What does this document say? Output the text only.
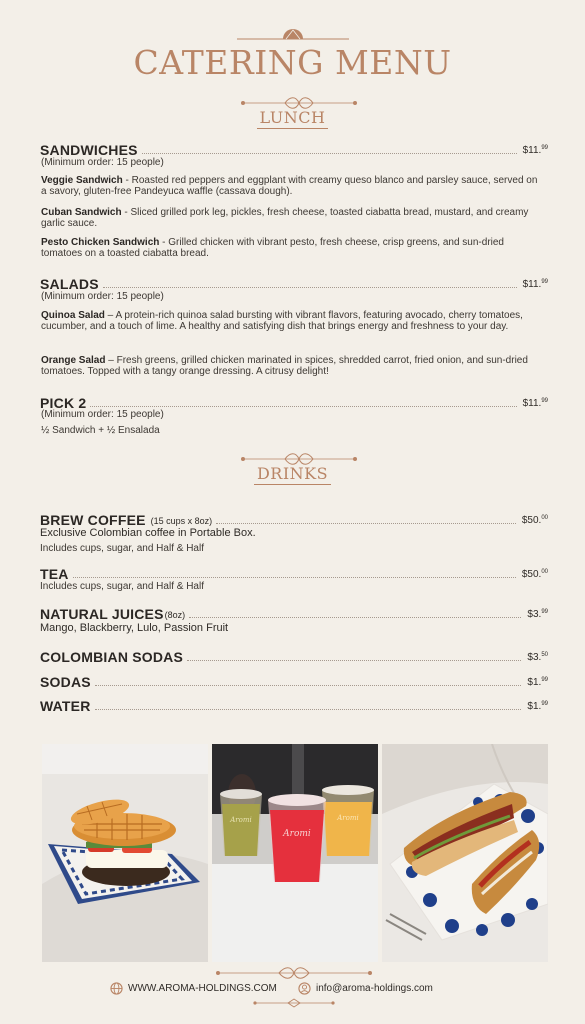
CATERING MENU
LUNCH
SANDWICHES	$11.99
(Minimum order: 15 people)
Veggie Sandwich - Roasted red peppers and eggplant with creamy queso blanco and parsley sauce, served on a savory, gluten-free Pandeyuca waffle (cassava dough).
Cuban Sandwich - Sliced grilled pork leg, pickles, fresh cheese, toasted ciabatta bread, mustard, and creamy garlic sauce.
Pesto Chicken Sandwich - Grilled chicken with vibrant pesto, fresh cheese, crisp greens, and sun-dried tomatoes on a toasted ciabatta bread.
SALADS	$11.99
(Minimum order: 15 people)
Quinoa Salad – A protein-rich quinoa salad bursting with vibrant flavors, featuring avocado, cherry tomatoes, cucumber, and a touch of lime. A healthy and satisfying dish that brings energy and freshness to your day.
Orange Salad – Fresh greens, grilled chicken marinated in spices, shredded carrot, fried onion, and sun-dried tomatoes. Topped with a tangy orange dressing. A citrusy delight!
PICK 2	$11.99
(Minimum order: 15 people)
½ Sandwich + ½ Ensalada
DRINKS
BREW COFFEE (15 cups x 8oz)	$50.00
Exclusive Colombian coffee in Portable Box.
Includes cups, sugar, and Half & Half
TEA	$50.00
Includes cups, sugar, and Half & Half
NATURAL JUICES (8oz)	$3.99
Mango, Blackberry, Lulo, Passion Fruit
COLOMBIAN SODAS	$3.50
SODAS	$1.99
WATER	$1.99
Aromi
Aromi	Aromi
WWW.AROMA-HOLDINGS.COM	info@aroma-holdings.com
